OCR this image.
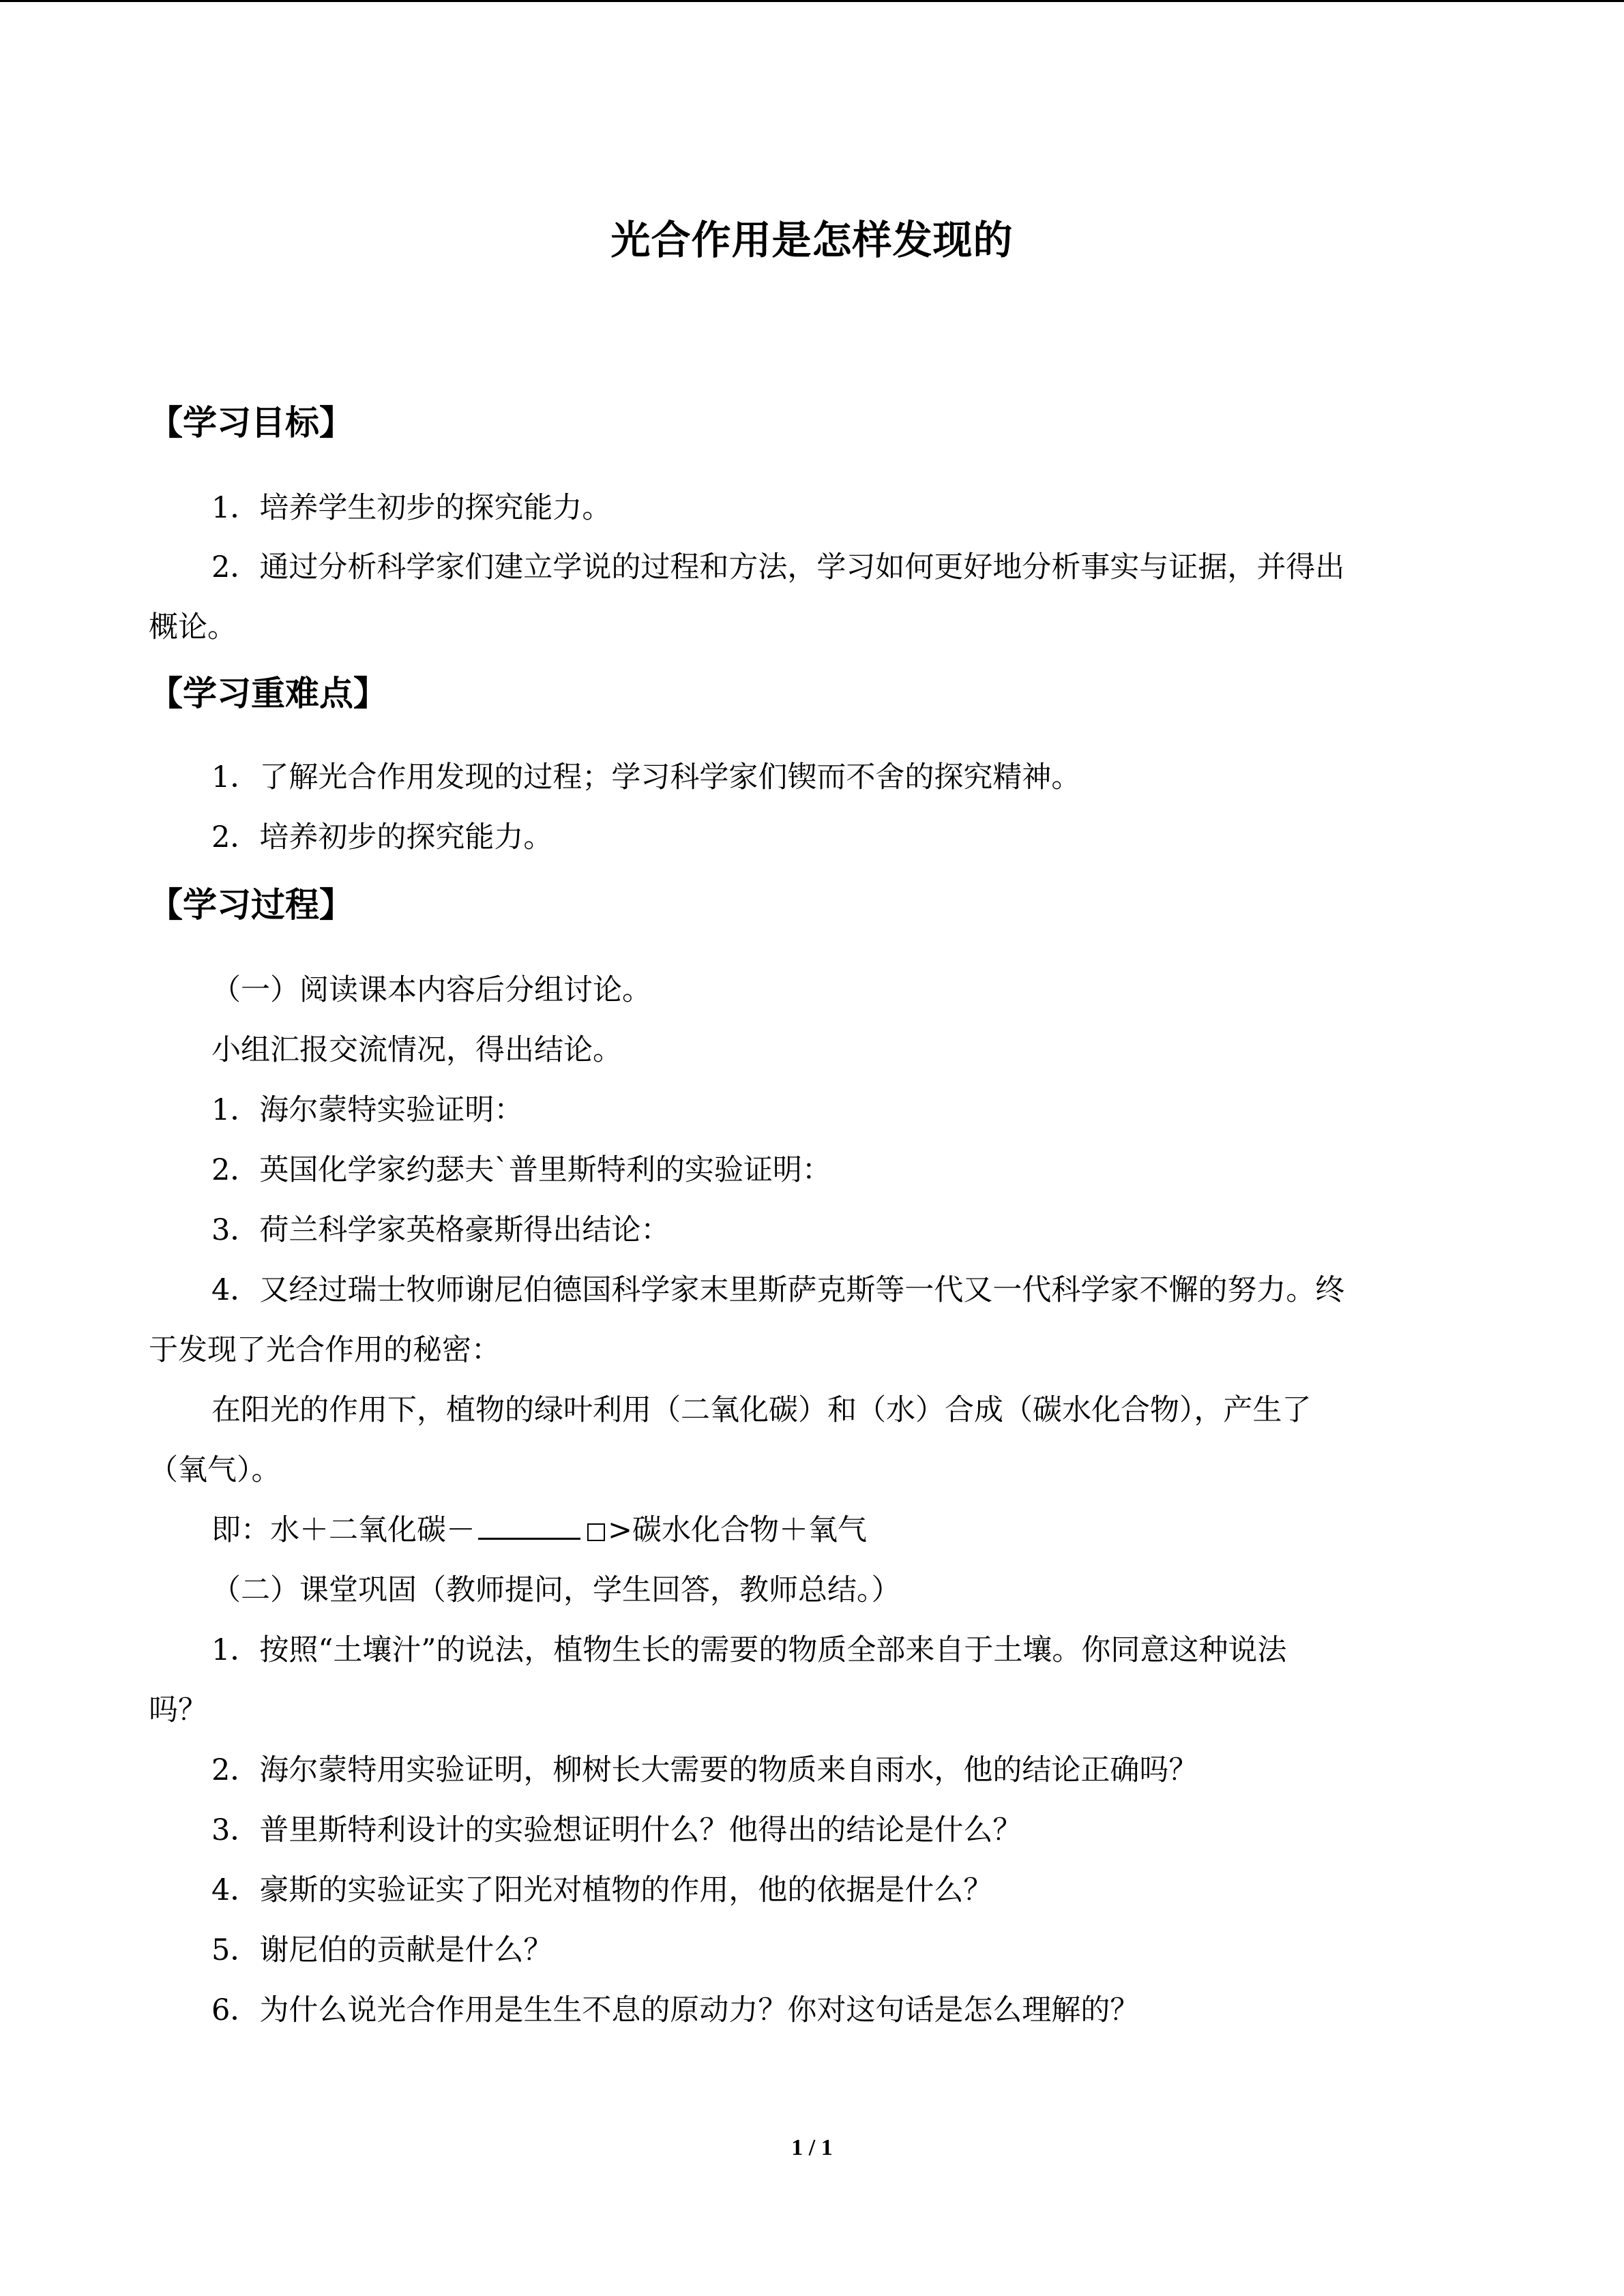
光合作用是怎样发现的
【学习目标】
1．培养学生初步的探究能力。
2．通过分析科学家们建立学说的过程和方法，学习如何更好地分析事实与证据，并得出
概论。
【学习重难点】
1．了解光合作用发现的过程；学习科学家们锲而不舍的探究精神。
2．培养初步的探究能力。
【学习过程】
（一）阅读课本内容后分组讨论。
小组汇报交流情况，得出结论。
1．海尔蒙特实验证明：
2．英国化学家约瑟夫`普里斯特利的实验证明：
3．荷兰科学家英格豪斯得出结论：
4．又经过瑞士牧师谢尼伯德国科学家末里斯萨克斯等一代又一代科学家不懈的努力。终
于发现了光合作用的秘密：
在阳光的作用下，植物的绿叶利用（二氧化碳）和（水）合成（碳水化合物），产生了
（氧气）。
即：水＋二氧化碳－	>碳水化合物＋氧气
（二）课堂巩固（教师提问，学生回答，教师总结。）
1．按照“土壤汁”的说法，植物生长的需要的物质全部来自于土壤。你同意这种说法
吗？
2．海尔蒙特用实验证明，柳树长大需要的物质来自雨水，他的结论正确吗？
3．普里斯特利设计的实验想证明什么？他得出的结论是什么？
4．豪斯的实验证实了阳光对植物的作用，他的依据是什么？
5．谢尼伯的贡献是什么？
6．为什么说光合作用是生生不息的原动力？你对这句话是怎么理解的？
1 / 1
